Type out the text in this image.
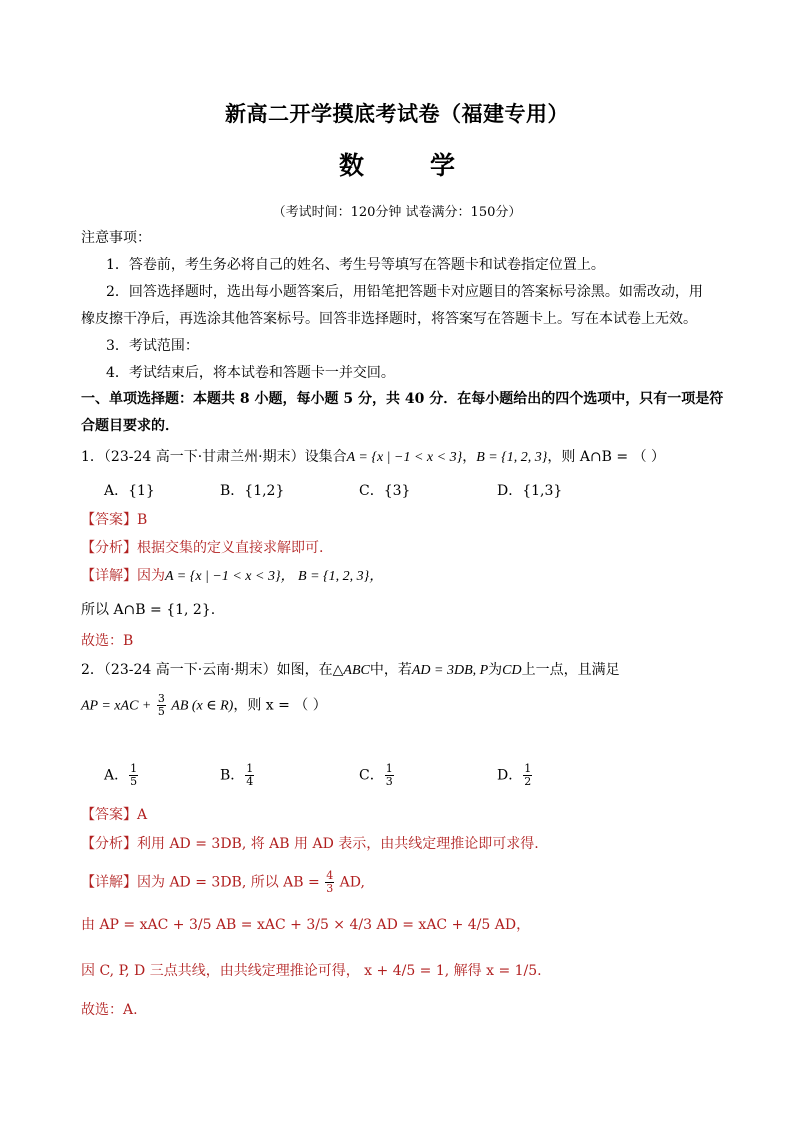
新高二开学摸底考试卷（福建专用）
数	学
（考试时间：120分钟 试卷满分：150分）
注意事项：
1．答卷前，考生务必将自己的姓名、考生号等填写在答题卡和试卷指定位置上。
2．回答选择题时，选出每小题答案后，用铅笔把答题卡对应题目的答案标号涂黑。如需改动，用
橡皮擦干净后，再选涂其他答案标号。回答非选择题时，将答案写在答题卡上。写在本试卷上无效。
3．考试范围：
4．考试结束后，将本试卷和答题卡一并交回。
一、单项选择题：本题共 8 小题，每小题 5 分，共 40 分．在每小题给出的四个选项中，只有一项是符
合题目要求的．
1．（23-24 高一下·甘肃兰州·期末）设集合A = {x | −1 < x < 3}，B = {1, 2, 3}，则 A∩B = （ ）
A．{1}	B．{1,2}	C．{3}	D．{1,3}
【答案】B
【分析】根据交集的定义直接求解即可.
【详解】因为A = {x | −1 < x < 3}， B = {1, 2, 3}，
所以 A∩B = {1, 2}.
故选：B
2．（23-24 高一下·云南·期末）如图，在△ABC中，若AD = 3DB, P为CD上一点，且满足
AP = xAC + $\frac{3}{5}$ AB (x ∈ R)，则 x = （ ）
A． $\frac{1}{5}$	B． $\frac{1}{4}$	C． $\frac{1}{3}$	D． $\frac{1}{2}$
【答案】A
【分析】利用 AD = 3DB, 将 AB 用 AD 表示，由共线定理推论即可求得.
【详解】因为 AD = 3DB, 所以 AB = $\frac{4}{3}$ AD,
由 AP = xAC + 3/5 AB = xAC + 3/5 × 4/3 AD = xAC + 4/5 AD，
因 C, P, D 三点共线，由共线定理推论可得， x + 4/5 = 1, 解得 x = 1/5.
故选：A.
